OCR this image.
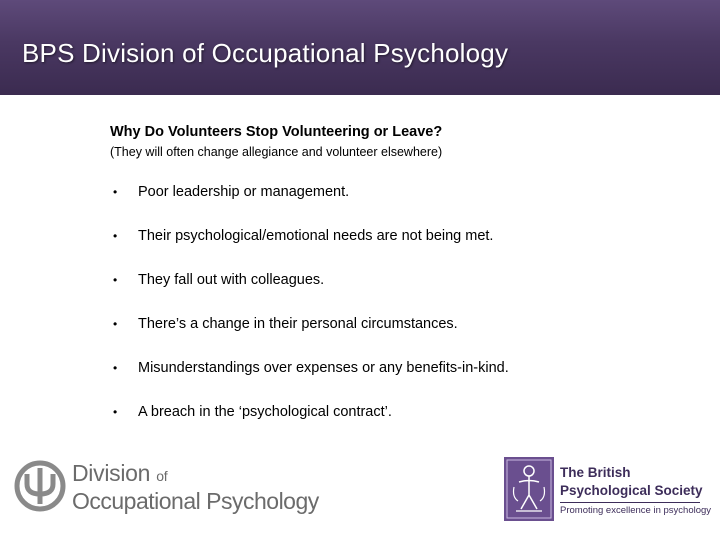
BPS Division of Occupational Psychology

Why Do Volunteers Stop Volunteering or Leave?

(They will often change allegiance and volunteer elsewhere)

• Poor leadership or management.
• Their psychological/emotional needs are not being met.
• They fall out with colleagues.
• There’s a change in their personal circumstances.
• Misunderstandings over expenses or any benefits-in-kind.
• A breach in the ‘psychological contract’.
Division of
Occupational Psychology
The British
Psychological Society
Promoting excellence in psychology
